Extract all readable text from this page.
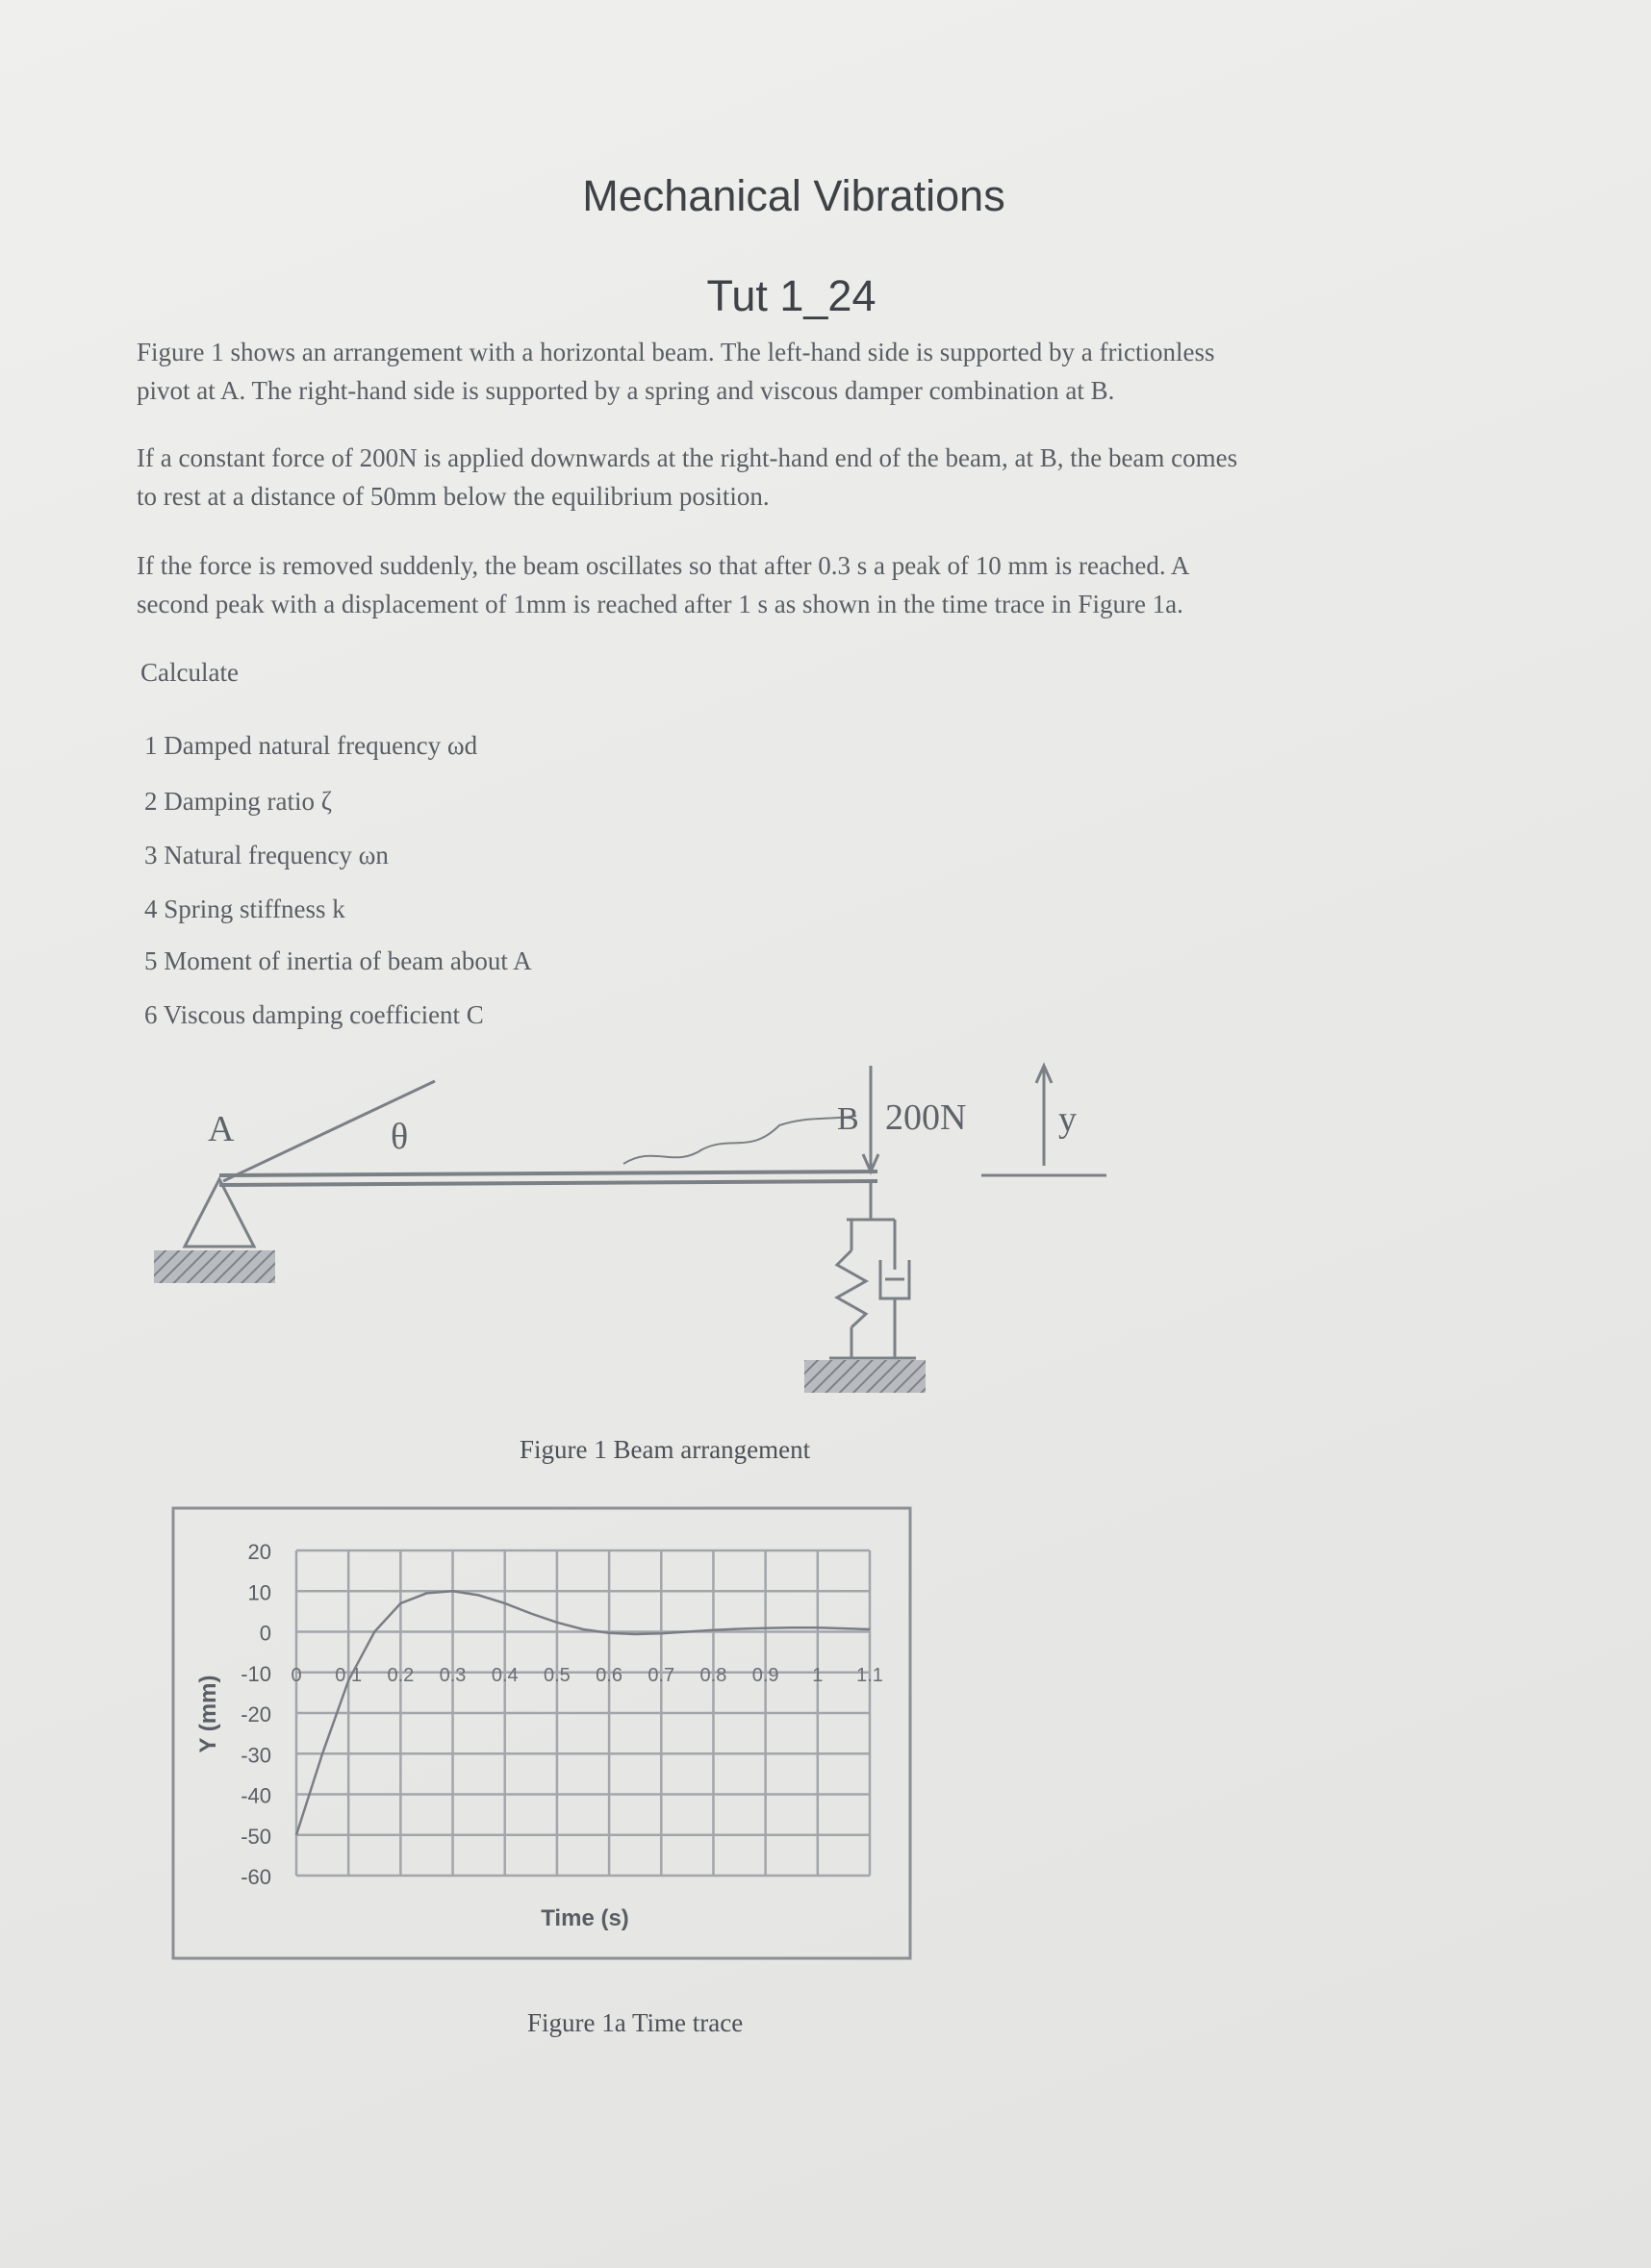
Mechanical Vibrations
Tut 1_24
Figure 1 shows an arrangement with a horizontal beam. The left-hand side is supported by a frictionless
pivot at A. The right-hand side is supported by a spring and viscous damper combination at B.
If a constant force of 200N is applied downwards at the right-hand end of the beam, at B, the beam comes
to rest at a distance of 50mm below the equilibrium position.
If the force is removed suddenly, the beam oscillates so that after 0.3 s a peak of 10 mm is reached. A
second peak with a displacement of 1mm is reached after 1 s as shown in the time trace in Figure 1a.
Calculate
1 Damped natural frequency ωd
2 Damping ratio ζ
3 Natural frequency ωn
4 Spring stiffness k
5 Moment of inertia of beam about A
6 Viscous damping coefficient C
A	θ	B 200N	y
Figure 1 Beam arrangement
20
10
0
-10
-20
-30
-40
-50
-60
0 0.1 0.2 0.3 0.4 0.5 0.6 0.7 0.8 0.9 1 1.1
Time (s)
Y (mm)
Figure 1a Time trace
